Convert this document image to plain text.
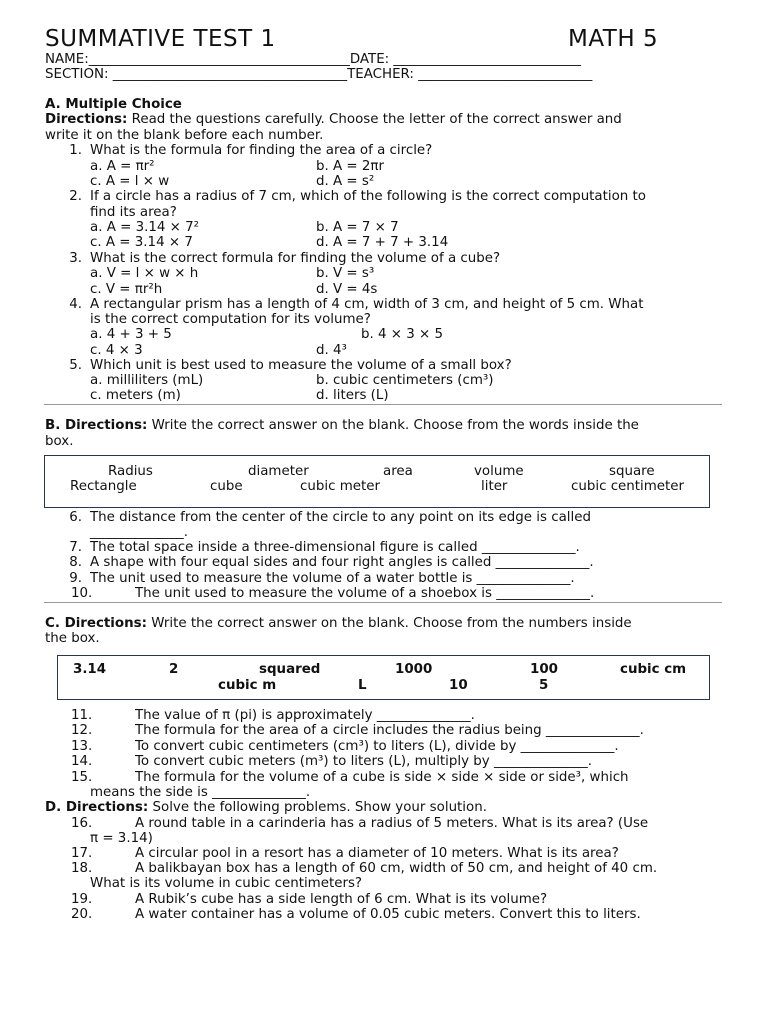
SUMMATIVE TEST 1	MATH 5
NAME:_______________________________________DATE: ____________________________
SECTION: ___________________________________TEACHER: __________________________
A. Multiple Choice
Directions: Read the questions carefully. Choose the letter of the correct answer and
write it on the blank before each number.
1. What is the formula for finding the area of a circle?
a. A = πr²	b. A = 2πr
c. A = l × w	d. A = s²
2. If a circle has a radius of 7 cm, which of the following is the correct computation to
find its area?
a. A = 3.14 × 7²	b. A = 7 × 7
c. A = 3.14 × 7	d. A = 7 + 7 + 3.14
3. What is the correct formula for finding the volume of a cube?
a. V = l × w × h	b. V = s³
c. V = πr²h	d. V = 4s
4. A rectangular prism has a length of 4 cm, width of 3 cm, and height of 5 cm. What
is the correct computation for its volume?
a. 4 + 3 + 5	b. 4 × 3 × 5
c. 4 × 3	d. 4³
5. Which unit is best used to measure the volume of a small box?
a. milliliters (mL)	b. cubic centimeters (cm³)
c. meters (m)	d. liters (L)
B. Directions: Write the correct answer on the blank. Choose from the words inside the
box.
Radius	diameter	area	volume	square
Rectangle	cube	cubic meter	liter	cubic centimeter
6. The distance from the center of the circle to any point on its edge is called
______________.
7. The total space inside a three-dimensional figure is called ______________.
8. A shape with four equal sides and four right angles is called ______________.
9. The unit used to measure the volume of a water bottle is ______________.
10.	The unit used to measure the volume of a shoebox is ______________.
C. Directions: Write the correct answer on the blank. Choose from the numbers inside
the box.
3.14	2	squared	1000	100	cubic cm
cubic m	L	10	5
11.	The value of π (pi) is approximately ______________.
12.	The formula for the area of a circle includes the radius being ______________.
13.	To convert cubic centimeters (cm³) to liters (L), divide by ______________.
14.	To convert cubic meters (m³) to liters (L), multiply by ______________.
15.	The formula for the volume of a cube is side × side × side or side³, which
means the side is ______________.
D. Directions: Solve the following problems. Show your solution.
16.	A round table in a carinderia has a radius of 5 meters. What is its area? (Use
π = 3.14)
17.	A circular pool in a resort has a diameter of 10 meters. What is its area?
18.	A balikbayan box has a length of 60 cm, width of 50 cm, and height of 40 cm.
What is its volume in cubic centimeters?
19.	A Rubik’s cube has a side length of 6 cm. What is its volume?
20.	A water container has a volume of 0.05 cubic meters. Convert this to liters.
